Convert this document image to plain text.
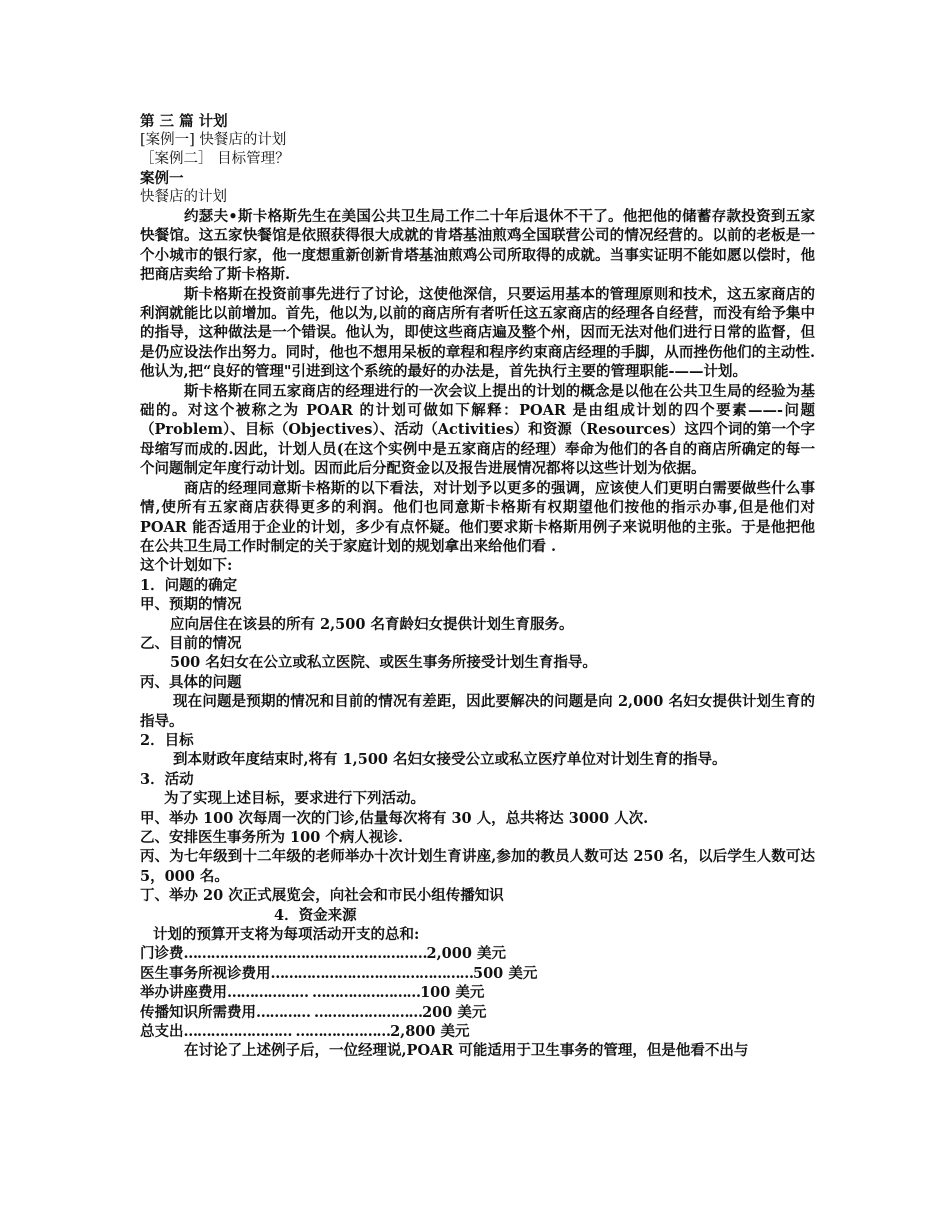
第 三 篇 计划
[案例一] 快餐店的计划
［案例二］ 目标管理？
案例一
快餐店的计划

约瑟夫•斯卡格斯先生在美国公共卫生局工作二十年后退休不干了。他把他的储蓄存款投资到五家快餐馆。这五家快餐馆是依照获得很大成就的肯塔基油煎鸡全国联营公司的情况经营的。以前的老板是一个小城市的银行家，他一度想重新创新肯塔基油煎鸡公司所取得的成就。当事实证明不能如愿以偿时，他把商店卖给了斯卡格斯.

斯卡格斯在投资前事先进行了讨论，这使他深信，只要运用基本的管理原则和技术，这五家商店的利润就能比以前增加。首先，他以为,以前的商店所有者听任这五家商店的经理各自经营，而没有给予集中的指导，这种做法是一个错误。他认为，即使这些商店遍及整个州，因而无法对他们进行日常的监督，但是仍应设法作出努力。同时，他也不想用呆板的章程和程序约束商店经理的手脚，从而挫伤他们的主动性.他认为,把“良好的管理"引进到这个系统的最好的办法是，首先执行主要的管理职能-——计划。

斯卡格斯在同五家商店的经理进行的一次会议上提出的计划的概念是以他在公共卫生局的经验为基础的。对这个被称之为 POAR 的计划可做如下解释：POAR 是由组成计划的四个要素——-问题（Problem）、目标（Objectives）、活动（Activities）和资源（Resources）这四个词的第一个字母缩写而成的.因此，计划人员(在这个实例中是五家商店的经理）奉命为他们的各自的商店所确定的每一个问题制定年度行动计划。因而此后分配资金以及报告进展情况都将以这些计划为依据。

商店的经理同意斯卡格斯的以下看法，对计划予以更多的强调，应该使人们更明白需要做些什么事情,使所有五家商店获得更多的利润。他们也同意斯卡格斯有权期望他们按他的指示办事,但是他们对 POAR 能否适用于企业的计划，多少有点怀疑。他们要求斯卡格斯用例子来说明他的主张。于是他把他在公共卫生局工作时制定的关于家庭计划的规划拿出来给他们看 .

这个计划如下:
1．问题的确定
甲、预期的情况
应向居住在该县的所有 2,500 名育龄妇女提供计划生育服务。
乙、目前的情况
500 名妇女在公立或私立医院、或医生事务所接受计划生育指导。
丙、具体的问题

现在问题是预期的情况和目前的情况有差距，因此要解决的问题是向 2,000 名妇女提供计划生育的指导。

2．目标
到本财政年度结束时,将有 1,500 名妇女接受公立或私立医疗单位对计划生育的指导。
3．活动
为了实现上述目标，要求进行下列活动。
甲、举办 100 次每周一次的门诊,估量每次将有 30 人，总共将达 3000 人次.
乙、安排医生事务所为 100 个病人视诊.

丙、为七年级到十二年级的老师举办十次计划生育讲座,参加的教员人数可达 250 名，以后学生人数可达 5，000 名。

丁、举办 20 次正式展览会，向社会和市民小组传播知识
4．资金来源
计划的预算开支将为每项活动开支的总和:
门诊费 ……………………………………………… 2,000 美元
医生事务所视诊费用 ……………………………………… 500 美元
举办讲座费用 ……………… …………………… 100 美元
传播知识所需费用 ………… …………………… 200 美元
总支出 …………………… ………………… 2,800 美元
在讨论了上述例子后，一位经理说,POAR 可能适用于卫生事务的管理，但是他看不出与
